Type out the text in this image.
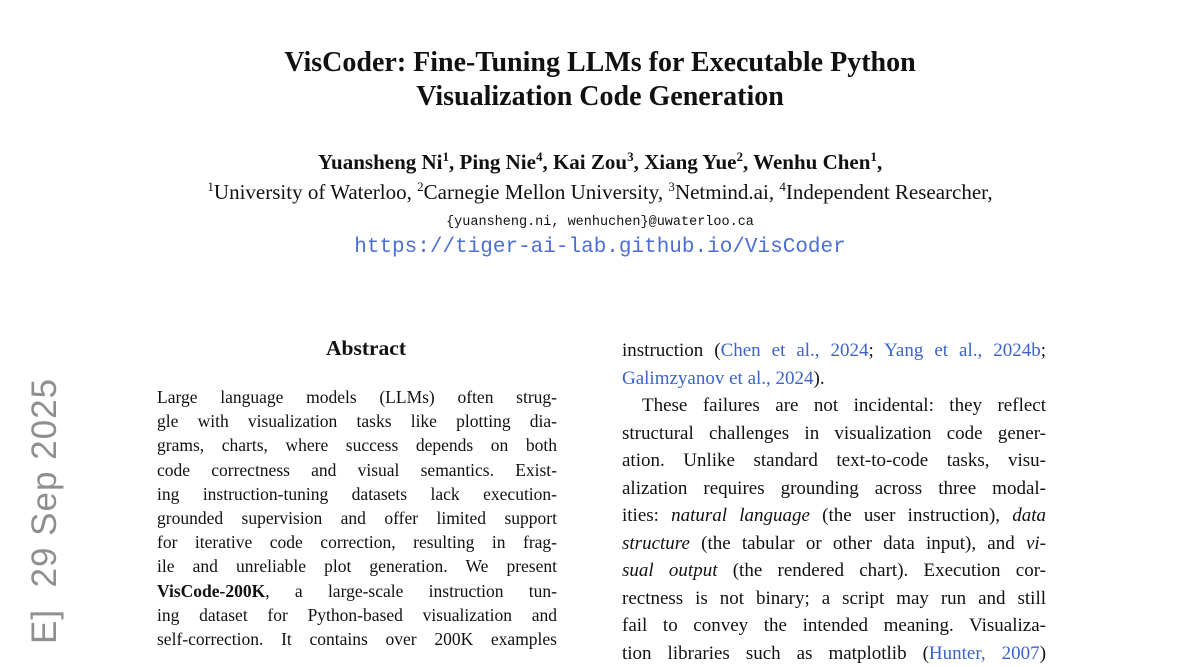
E]  29 Sep 2025
VisCoder: Fine-Tuning LLMs for Executable Python
Visualization Code Generation
Yuansheng Ni$^1$, Ping Nie$^4$, Kai Zou$^3$, Xiang Yue$^2$, Wenhu Chen$^1$,
$^1$University of Waterloo, $^2$Carnegie Mellon University, $^3$Netmind.ai, $^4$Independent Researcher,
{yuansheng.ni, wenhuchen}@uwaterloo.ca
https://tiger-ai-lab.github.io/VisCoder
Abstract
Large language models (LLMs) often strug-
gle with visualization tasks like plotting dia-
grams, charts, where success depends on both
code correctness and visual semantics. Exist-
ing instruction-tuning datasets lack execution-
grounded supervision and offer limited support
for iterative code correction, resulting in frag-
ile and unreliable plot generation. We present
VisCode-200K, a large-scale instruction tun-
ing dataset for Python-based visualization and
self-correction. It contains over 200K examples
instruction (Chen et al., 2024; Yang et al., 2024b;
Galimzyanov et al., 2024).
These failures are not incidental: they reflect
structural challenges in visualization code gener-
ation. Unlike standard text-to-code tasks, visu-
alization requires grounding across three modal-
ities: natural language (the user instruction), data
structure (the tabular or other data input), and vi-
sual output (the rendered chart). Execution cor-
rectness is not binary; a script may run and still
fail to convey the intended meaning. Visualiza-
tion libraries such as matplotlib (Hunter, 2007)
